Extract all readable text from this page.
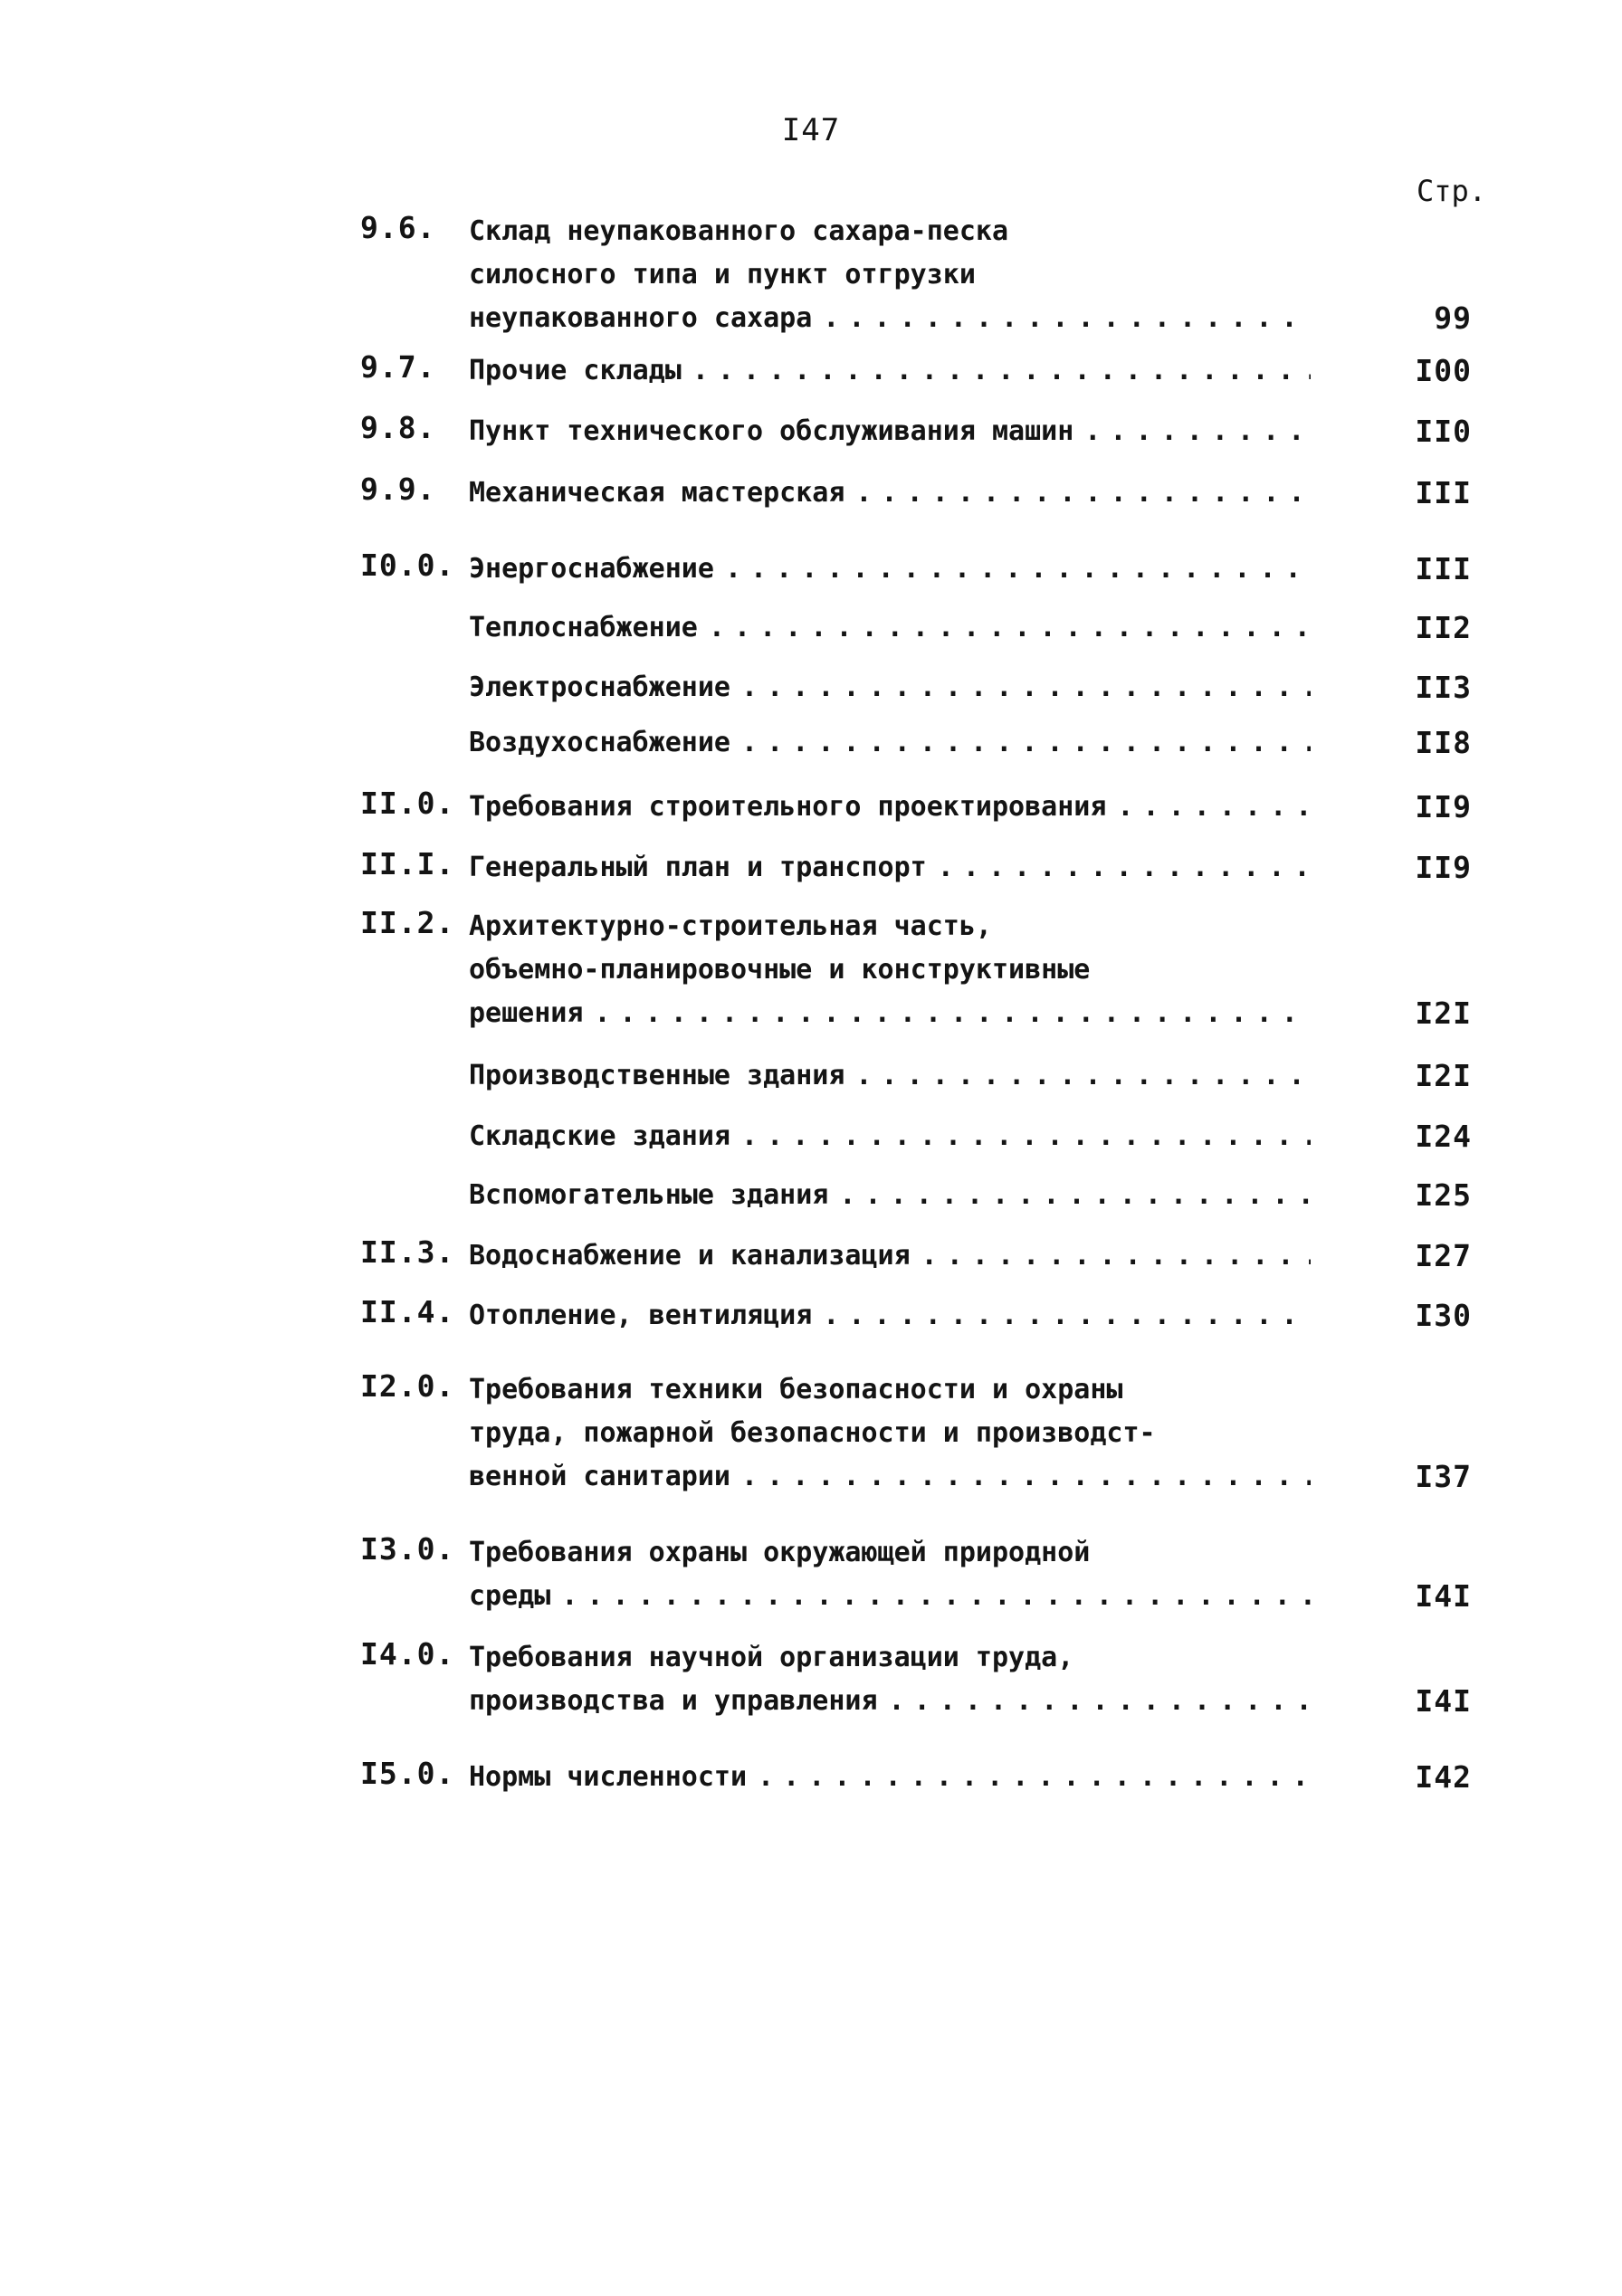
I47
Стр.
9.6. Склад неупакованного сахара-песка
силосного типа и пункт отгрузки
неупакованного сахара . . .	99
9.7. Прочие склады . . .	I00
9.8. Пункт технического обслуживания машин . . .	II0
9.9. Механическая мастерская . . .	III
I0.0. Энергоснабжение . . .	III
Теплоснабжение . . .	II2
Электроснабжение . . .	II3
Воздухоснабжение . . .	II8
II.0. Требования строительного проектирования . . .	II9
II.I. Генеральный план и транспорт . . .	II9
II.2. Архитектурно-строительная часть,
объемно-планировочные и конструктивные
решения . . .	I2I
Производственные здания . . .	I2I
Складские здания . . .	I24
Вспомогательные здания . . .	I25
II.3. Водоснабжение и канализация . . .	I27
II.4. Отопление, вентиляция . . .	I30
I2.0. Требования техники безопасности и охраны
труда, пожарной безопасности и производст-
венной санитарии . . .	I37
I3.0. Требования охраны окружающей природной
среды . . .	I4I
I4.0. Требования научной организации труда,
производства и управления . . .	I4I
I5.0. Нормы численности . . .	I42
